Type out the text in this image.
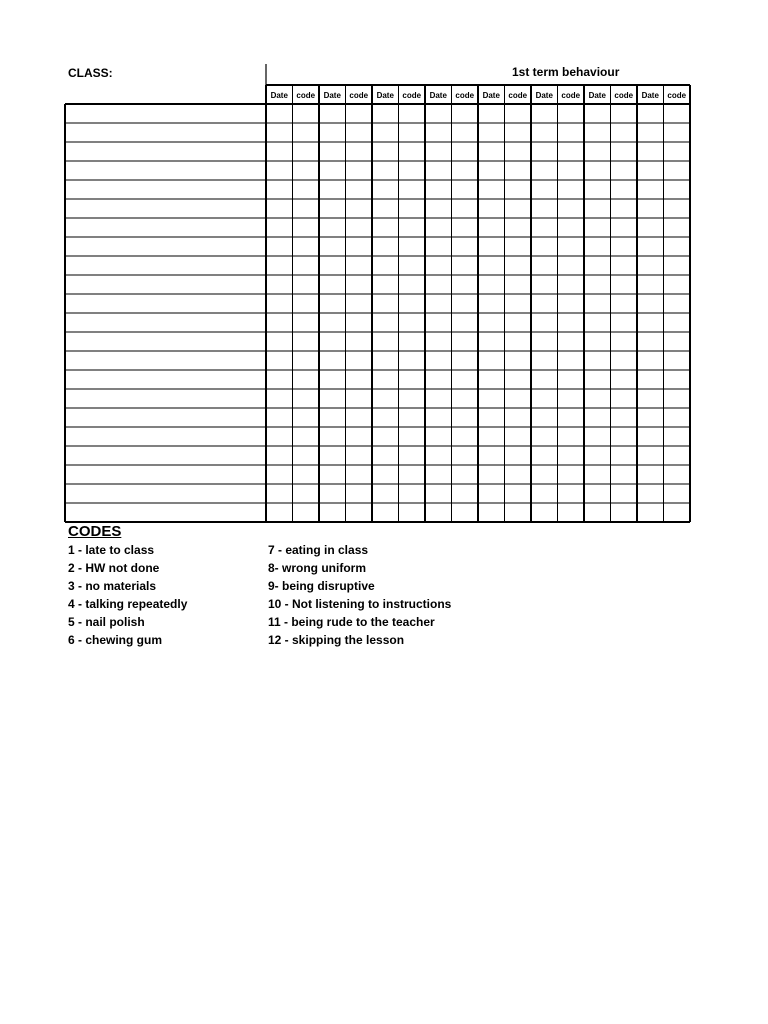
CLASS:	1st term behaviour
Date	code	Date	code	Date	code	Date	code	Date	code	Date	code	Date	code	Date	code
CODES
1 - late to class
2 - HW not done
3 - no materials
4 - talking repeatedly
5 - nail polish
6 - chewing gum
7 - eating in class
8- wrong uniform
9- being disruptive
10 - Not listening to instructions
11 - being rude to the teacher
12 - skipping the lesson
